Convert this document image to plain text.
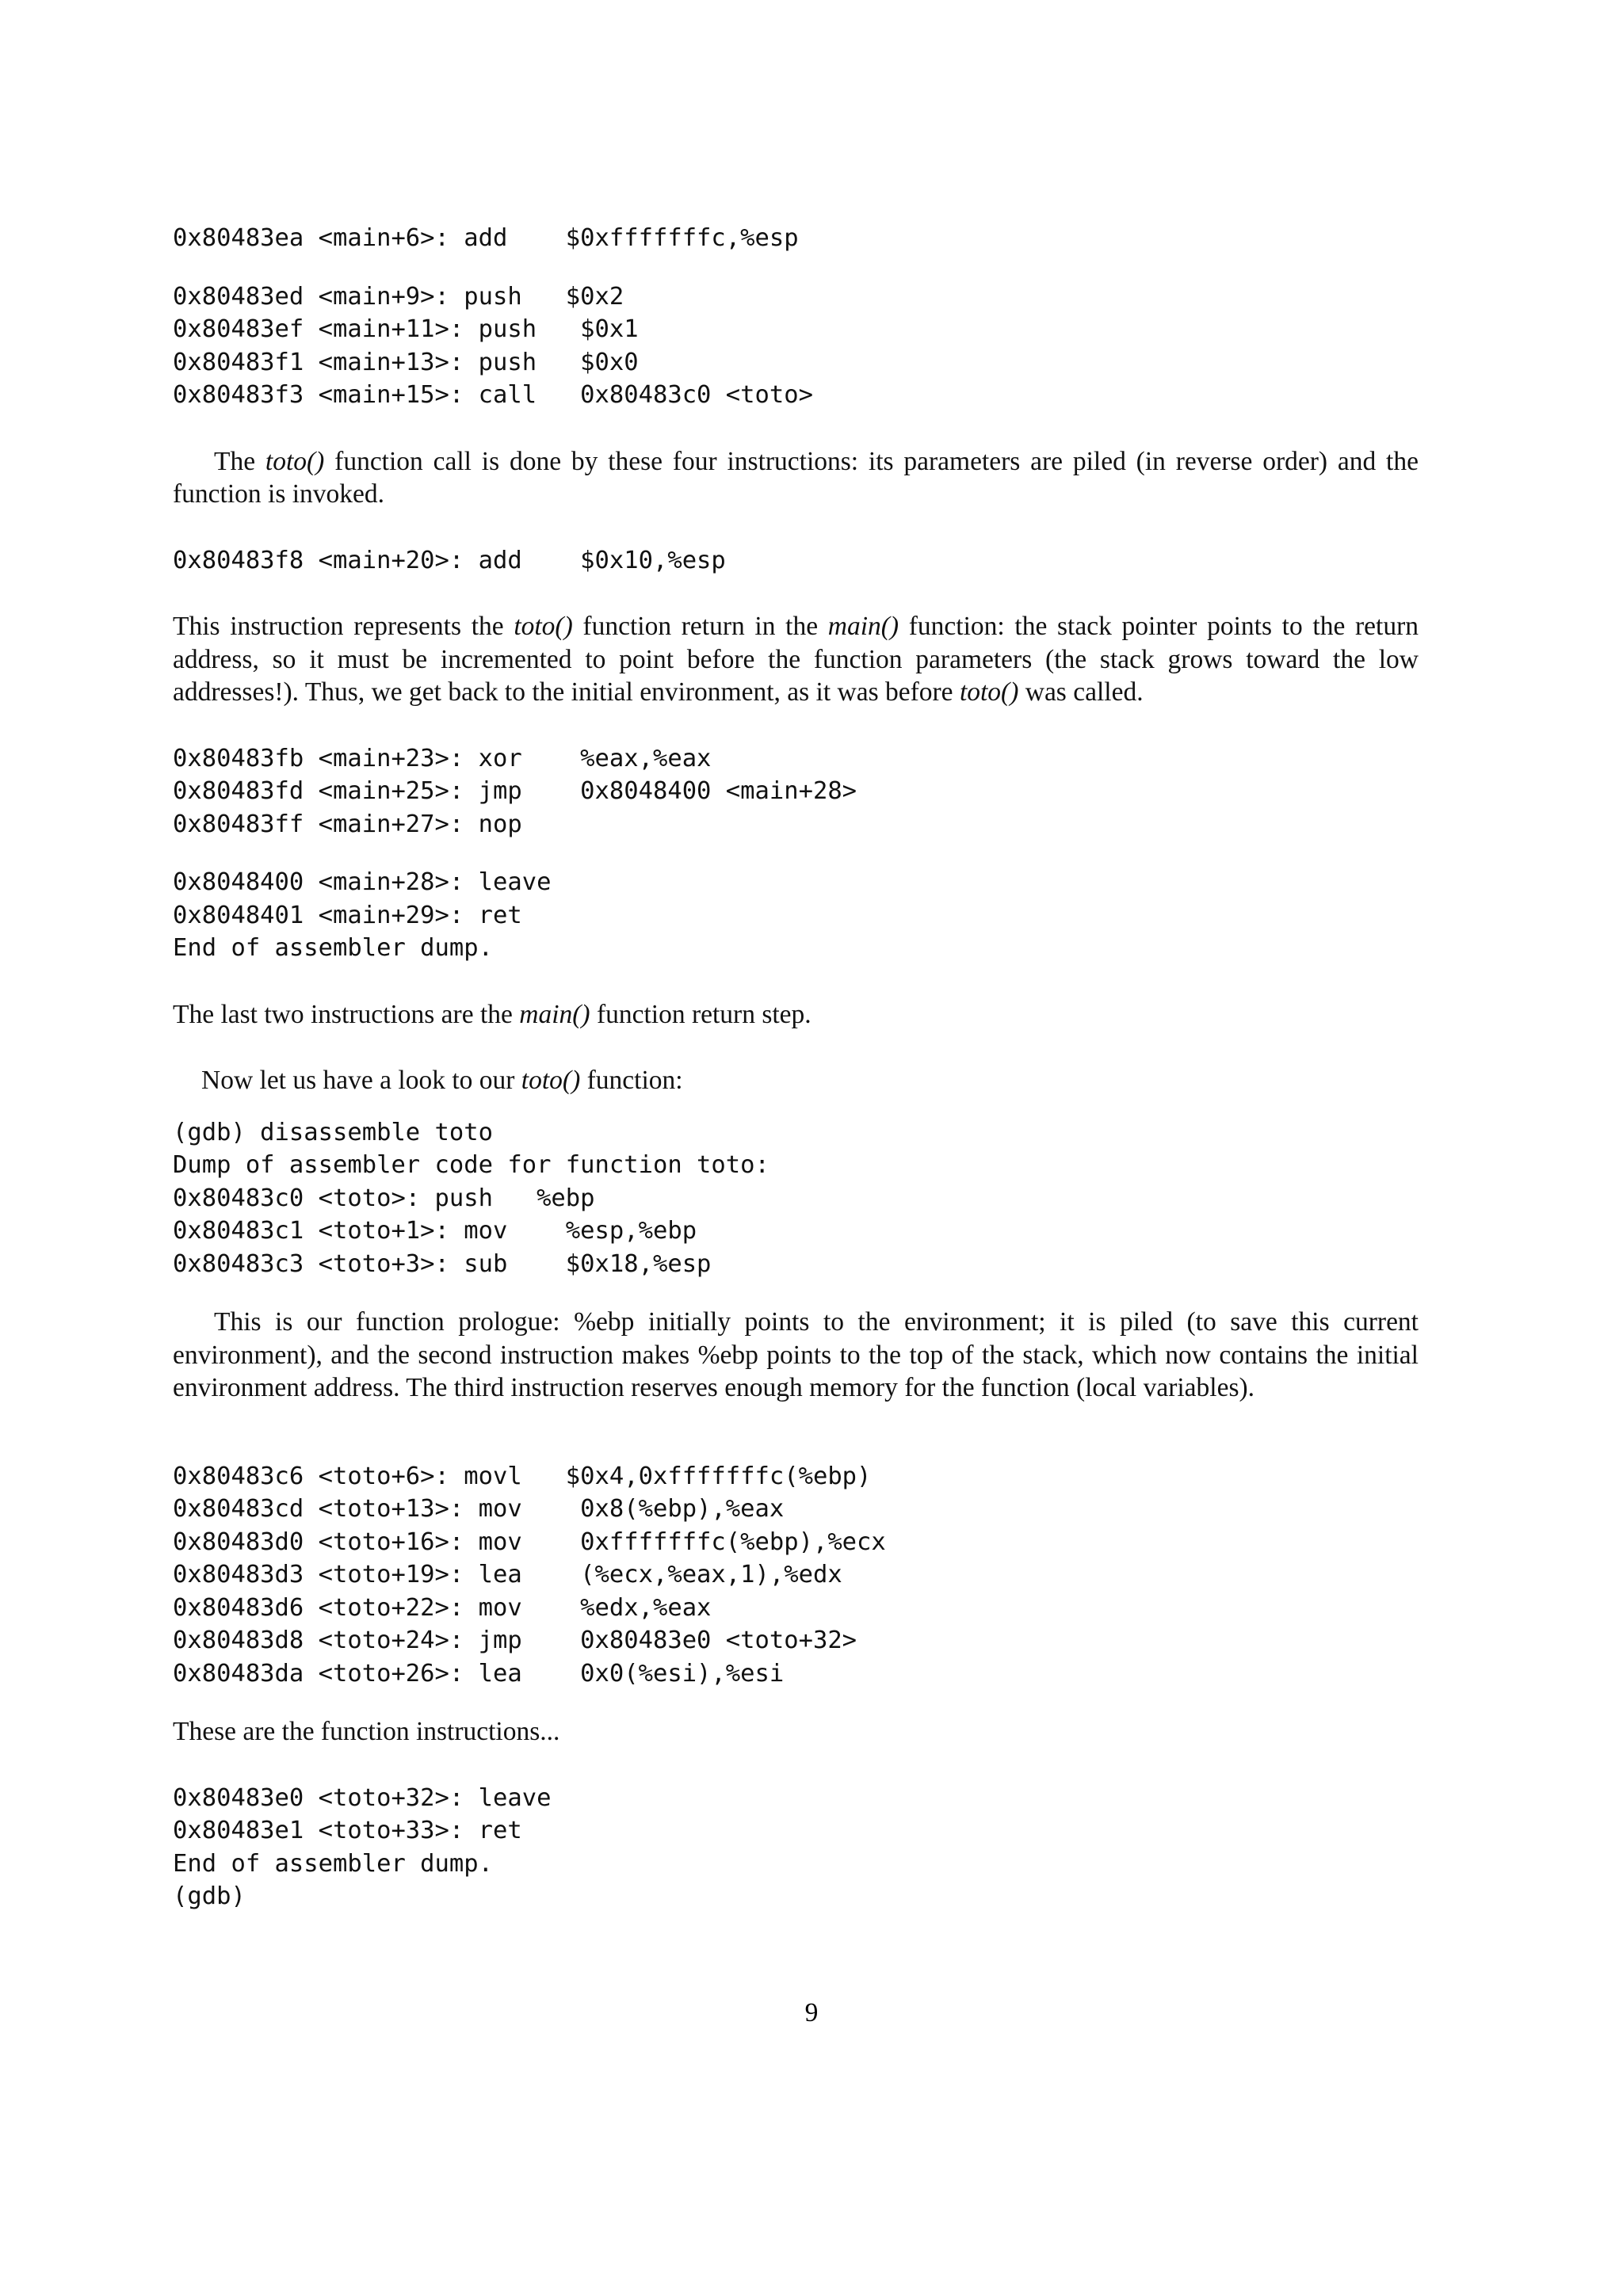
0x80483ea <main+6>: add    $0xfffffffc,%esp
0x80483ed <main+9>: push   $0x2
0x80483ef <main+11>: push   $0x1
0x80483f1 <main+13>: push   $0x0
0x80483f3 <main+15>: call   0x80483c0 <toto>

The toto() function call is done by these four instructions: its parameters are piled (in reverse order) and the function is invoked.

0x80483f8 <main+20>: add    $0x10,%esp

This instruction represents the toto() function return in the main() function: the stack pointer points to the return address, so it must be incremented to point before the function parameters (the stack grows toward the low addresses!). Thus, we get back to the initial environment, as it was before toto() was called.

0x80483fb <main+23>: xor    %eax,%eax
0x80483fd <main+25>: jmp    0x8048400 <main+28>
0x80483ff <main+27>: nop
0x8048400 <main+28>: leave
0x8048401 <main+29>: ret
End of assembler dump.

The last two instructions are the main() function return step.

Now let us have a look to our toto() function:

(gdb) disassemble toto
Dump of assembler code for function toto:
0x80483c0 <toto>: push   %ebp
0x80483c1 <toto+1>: mov    %esp,%ebp
0x80483c3 <toto+3>: sub    $0x18,%esp

This is our function prologue: %ebp initially points to the environment; it is piled (to save this current environment), and the second instruction makes %ebp points to the top of the stack, which now contains the initial environment address. The third instruction reserves enough memory for the function (local variables).

0x80483c6 <toto+6>: movl   $0x4,0xfffffffc(%ebp)
0x80483cd <toto+13>: mov    0x8(%ebp),%eax
0x80483d0 <toto+16>: mov    0xfffffffc(%ebp),%ecx
0x80483d3 <toto+19>: lea    (%ecx,%eax,1),%edx
0x80483d6 <toto+22>: mov    %edx,%eax
0x80483d8 <toto+24>: jmp    0x80483e0 <toto+32>
0x80483da <toto+26>: lea    0x0(%esi),%esi

These are the function instructions...

0x80483e0 <toto+32>: leave
0x80483e1 <toto+33>: ret
End of assembler dump.
(gdb)
9
